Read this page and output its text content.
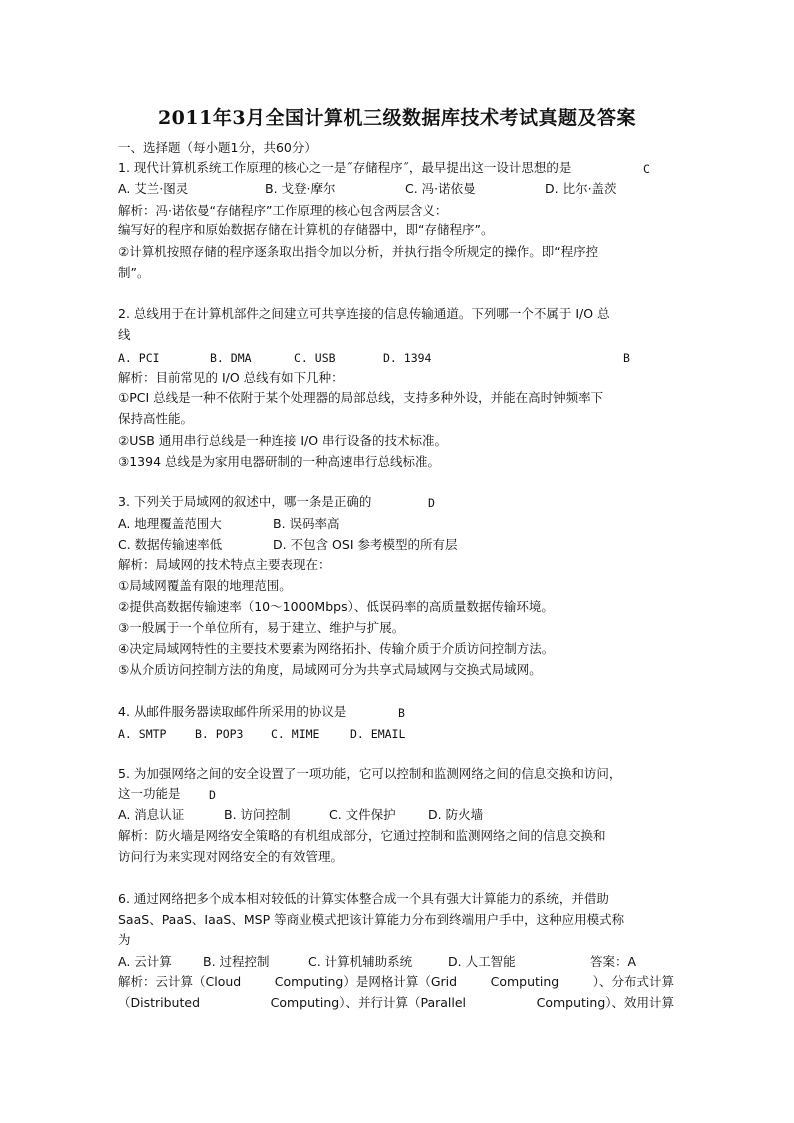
2011年3月全国计算机三级数据库技术考试真题及答案
一、选择题（每小题1分，共60分）
1. 现代计算机系统工作原理的核心之一是˝存储程序˝，最早提出这一设计思想的是	C
A. 艾兰·图灵	B. 戈登·摩尔	C. 冯·诺依曼	D. 比尔·盖茨
解析：冯·诺依曼“存储程序”工作原理的核心包含两层含义：
编写好的程序和原始数据存储在计算机的存储器中，即“存储程序”。
②计算机按照存储的程序逐条取出指令加以分析，并执行指令所规定的操作。即“程序控
制”。
2. 总线用于在计算机部件之间建立可共享连接的信息传输通道。下列哪一个不属于 I/O 总
线
A. PCI	B. DMA	C. USB	D. 1394	B
解析：目前常见的 I/O 总线有如下几种：
①PCI 总线是一种不依附于某个处理器的局部总线，支持多种外设，并能在高时钟频率下
保持高性能。
②USB 通用串行总线是一种连接 I/O 串行设备的技术标准。
③1394 总线是为家用电器研制的一种高速串行总线标准。
3. 下列关于局域网的叙述中，哪一条是正确的	D
A. 地理覆盖范围大	B. 误码率高
C. 数据传输速率低	D. 不包含 OSI 参考模型的所有层
解析：局域网的技术特点主要表现在：
①局域网覆盖有限的地理范围。
②提供高数据传输速率（10～1000Mbps）、低误码率的高质量数据传输环境。
③一般属于一个单位所有，易于建立、维护与扩展。
④决定局域网特性的主要技术要素为网络拓扑、传输介质于介质访问控制方法。
⑤从介质访问控制方法的角度，局域网可分为共享式局域网与交换式局域网。
4. 从邮件服务器读取邮件所采用的协议是	B
A. SMTP B. POP3 C. MIME	D. EMAIL
5. 为加强网络之间的安全设置了一项功能，它可以控制和监测网络之间的信息交换和访问，
这一功能是 D
A. 消息认证	B. 访问控制	C. 文件保护	D. 防火墙
解析：防火墙是网络安全策略的有机组成部分，它通过控制和监测网络之间的信息交换和
访问行为来实现对网络安全的有效管理。
6. 通过网络把多个成本相对较低的计算实体整合成一个具有强大计算能力的系统，并借助
SaaS、PaaS、IaaS、MSP 等商业模式把该计算能力分布到终端用户手中，这种应用模式称
为
A. 云计算 B. 过程控制	C. 计算机辅助系统	D. 人工智能	答案：A
解析：云计算（Cloud	Computing）是网格计算（Grid	Computing	）、分布式计算
（Distributed	Computing）、并行计算（Parallel	Computing）、效用计算
